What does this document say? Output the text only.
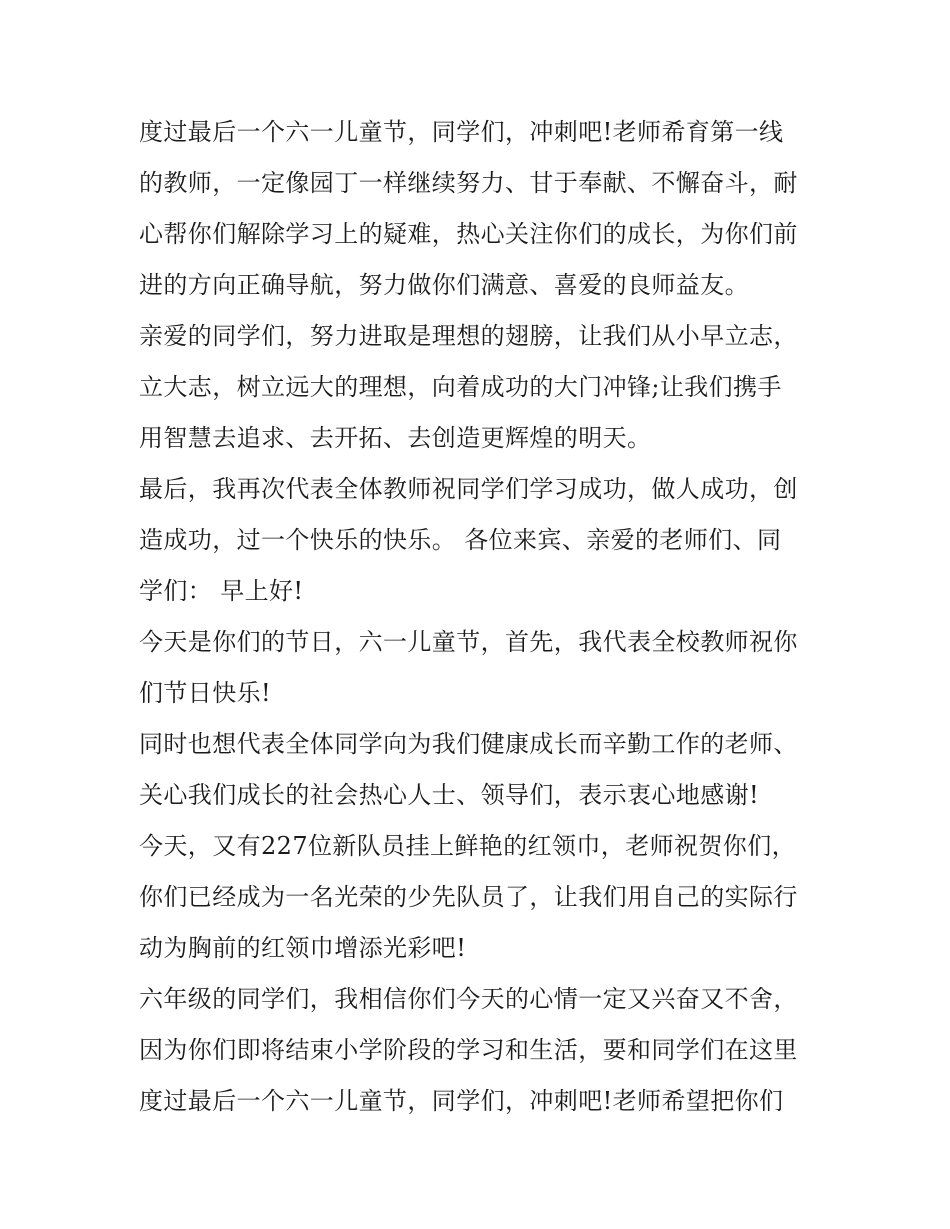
度过最后一个六一儿童节，同学们，冲刺吧!老师希育第一线
的教师，一定像园丁一样继续努力、甘于奉献、不懈奋斗，耐
心帮你们解除学习上的疑难，热心关注你们的成长，为你们前
进的方向正确导航，努力做你们满意、喜爱的良师益友。
亲爱的同学们，努力进取是理想的翅膀，让我们从小早立志，
立大志，树立远大的理想，向着成功的大门冲锋;让我们携手
用智慧去追求、去开拓、去创造更辉煌的明天。
最后，我再次代表全体教师祝同学们学习成功，做人成功，创
造成功，过一个快乐的快乐。 各位来宾、亲爱的老师们、同
学们： 早上好!
今天是你们的节日，六一儿童节，首先，我代表全校教师祝你
们节日快乐!
同时也想代表全体同学向为我们健康成长而辛勤工作的老师、
关心我们成长的社会热心人士、领导们，表示衷心地感谢!
今天，又有227位新队员挂上鲜艳的红领巾，老师祝贺你们，
你们已经成为一名光荣的少先队员了，让我们用自己的实际行
动为胸前的红领巾增添光彩吧!
六年级的同学们，我相信你们今天的心情一定又兴奋又不舍，
因为你们即将结束小学阶段的学习和生活，要和同学们在这里
度过最后一个六一儿童节，同学们，冲刺吧!老师希望把你们
